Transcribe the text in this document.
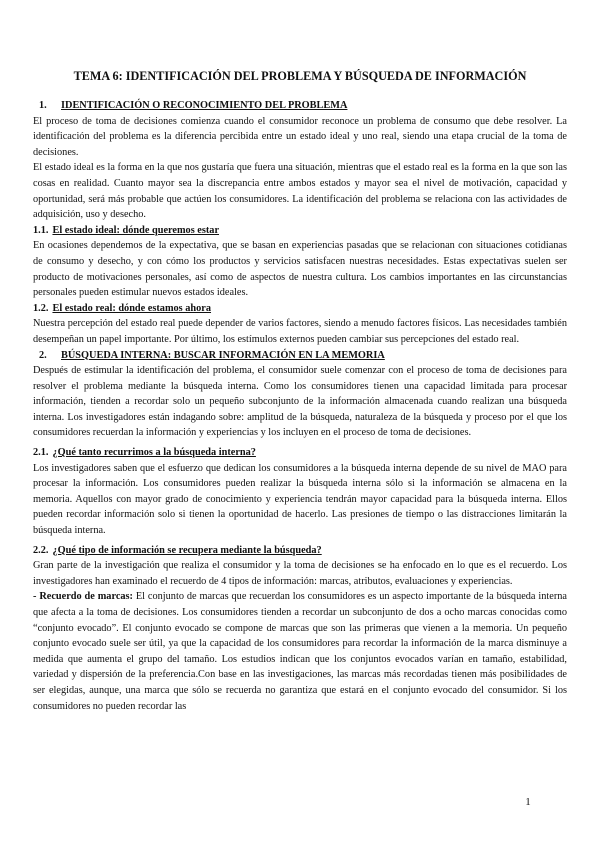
TEMA 6: IDENTIFICACIÓN DEL PROBLEMA Y BÚSQUEDA DE INFORMACIÓN
1. IDENTIFICACIÓN O RECONOCIMIENTO DEL PROBLEMA

El proceso de toma de decisiones comienza cuando el consumidor reconoce un problema de consumo que debe resolver. La identificación del problema es la diferencia percibida entre un estado ideal y uno real, siendo una etapa crucial de la toma de decisiones.

El estado ideal es la forma en la que nos gustaría que fuera una situación, mientras que el estado real es la forma en la que son las cosas en realidad. Cuanto mayor sea la discrepancia entre ambos estados y mayor sea el nivel de motivación, capacidad y oportunidad, será más probable que actúen los consumidores. La identificación del problema se relaciona con las actividades de adquisición, uso y desecho.

1.1. El estado ideal: dónde queremos estar

En ocasiones dependemos de la expectativa, que se basan en experiencias pasadas que se relacionan con situaciones cotidianas de consumo y desecho, y con cómo los productos y servicios satisfacen nuestras necesidades. Estas expectativas suelen ser producto de motivaciones personales, así como de aspectos de nuestra cultura. Los cambios importantes en las circunstancias personales pueden estimular nuevos estados ideales.

1.2. El estado real: dónde estamos ahora

Nuestra percepción del estado real puede depender de varios factores, siendo a menudo factores físicos. Las necesidades también desempeñan un papel importante. Por último, los estímulos externos pueden cambiar sus percepciones del estado real.

2. BÚSQUEDA INTERNA: BUSCAR INFORMACIÓN EN LA MEMORIA

Después de estimular la identificación del problema, el consumidor suele comenzar con el proceso de toma de decisiones para resolver el problema mediante la búsqueda interna. Como los consumidores tienen una capacidad limitada para procesar información, tienden a recordar solo un pequeño subconjunto de la información almacenada cuando realizan una búsqueda interna. Los investigadores están indagando sobre: amplitud de la búsqueda, naturaleza de la búsqueda y proceso por el que los consumidores recuerdan la información y experiencias y los incluyen en el proceso de toma de decisiones.

2.1. ¿Qué tanto recurrimos a la búsqueda interna?

Los investigadores saben que el esfuerzo que dedican los consumidores a la búsqueda interna depende de su nivel de MAO para procesar la información. Los consumidores pueden realizar la búsqueda interna sólo si la información se almacena en la memoria. Aquellos con mayor grado de conocimiento y experiencia tendrán mayor capacidad para la búsqueda interna. Ellos pueden recordar información solo si tienen la oportunidad de hacerlo. Las presiones de tiempo o las distracciones limitarán la búsqueda interna.

2.2. ¿Qué tipo de información se recupera mediante la búsqueda?

Gran parte de la investigación que realiza el consumidor y la toma de decisiones se ha enfocado en lo que es el recuerdo. Los investigadores han examinado el recuerdo de 4 tipos de información: marcas, atributos, evaluaciones y experiencias.

- Recuerdo de marcas: El conjunto de marcas que recuerdan los consumidores es un aspecto importante de la búsqueda interna que afecta a la toma de decisiones. Los consumidores tienden a recordar un subconjunto de dos a ocho marcas conocidas como “conjunto evocado”. El conjunto evocado se compone de marcas que son las primeras que vienen a la memoria. Un pequeño conjunto evocado suele ser útil, ya que la capacidad de los consumidores para recordar la información de la marca disminuye a medida que aumenta el grupo del tamaño. Los estudios indican que los conjuntos evocados varían en tamaño, estabilidad, variedad y dispersión de la preferencia.Con base en las investigaciones, las marcas más recordadas tienen más posibilidades de ser elegidas, aunque, una marca que sólo se recuerda no garantiza que estará en el conjunto evocado del consumidor. Si los consumidores no pueden recordar las

1
